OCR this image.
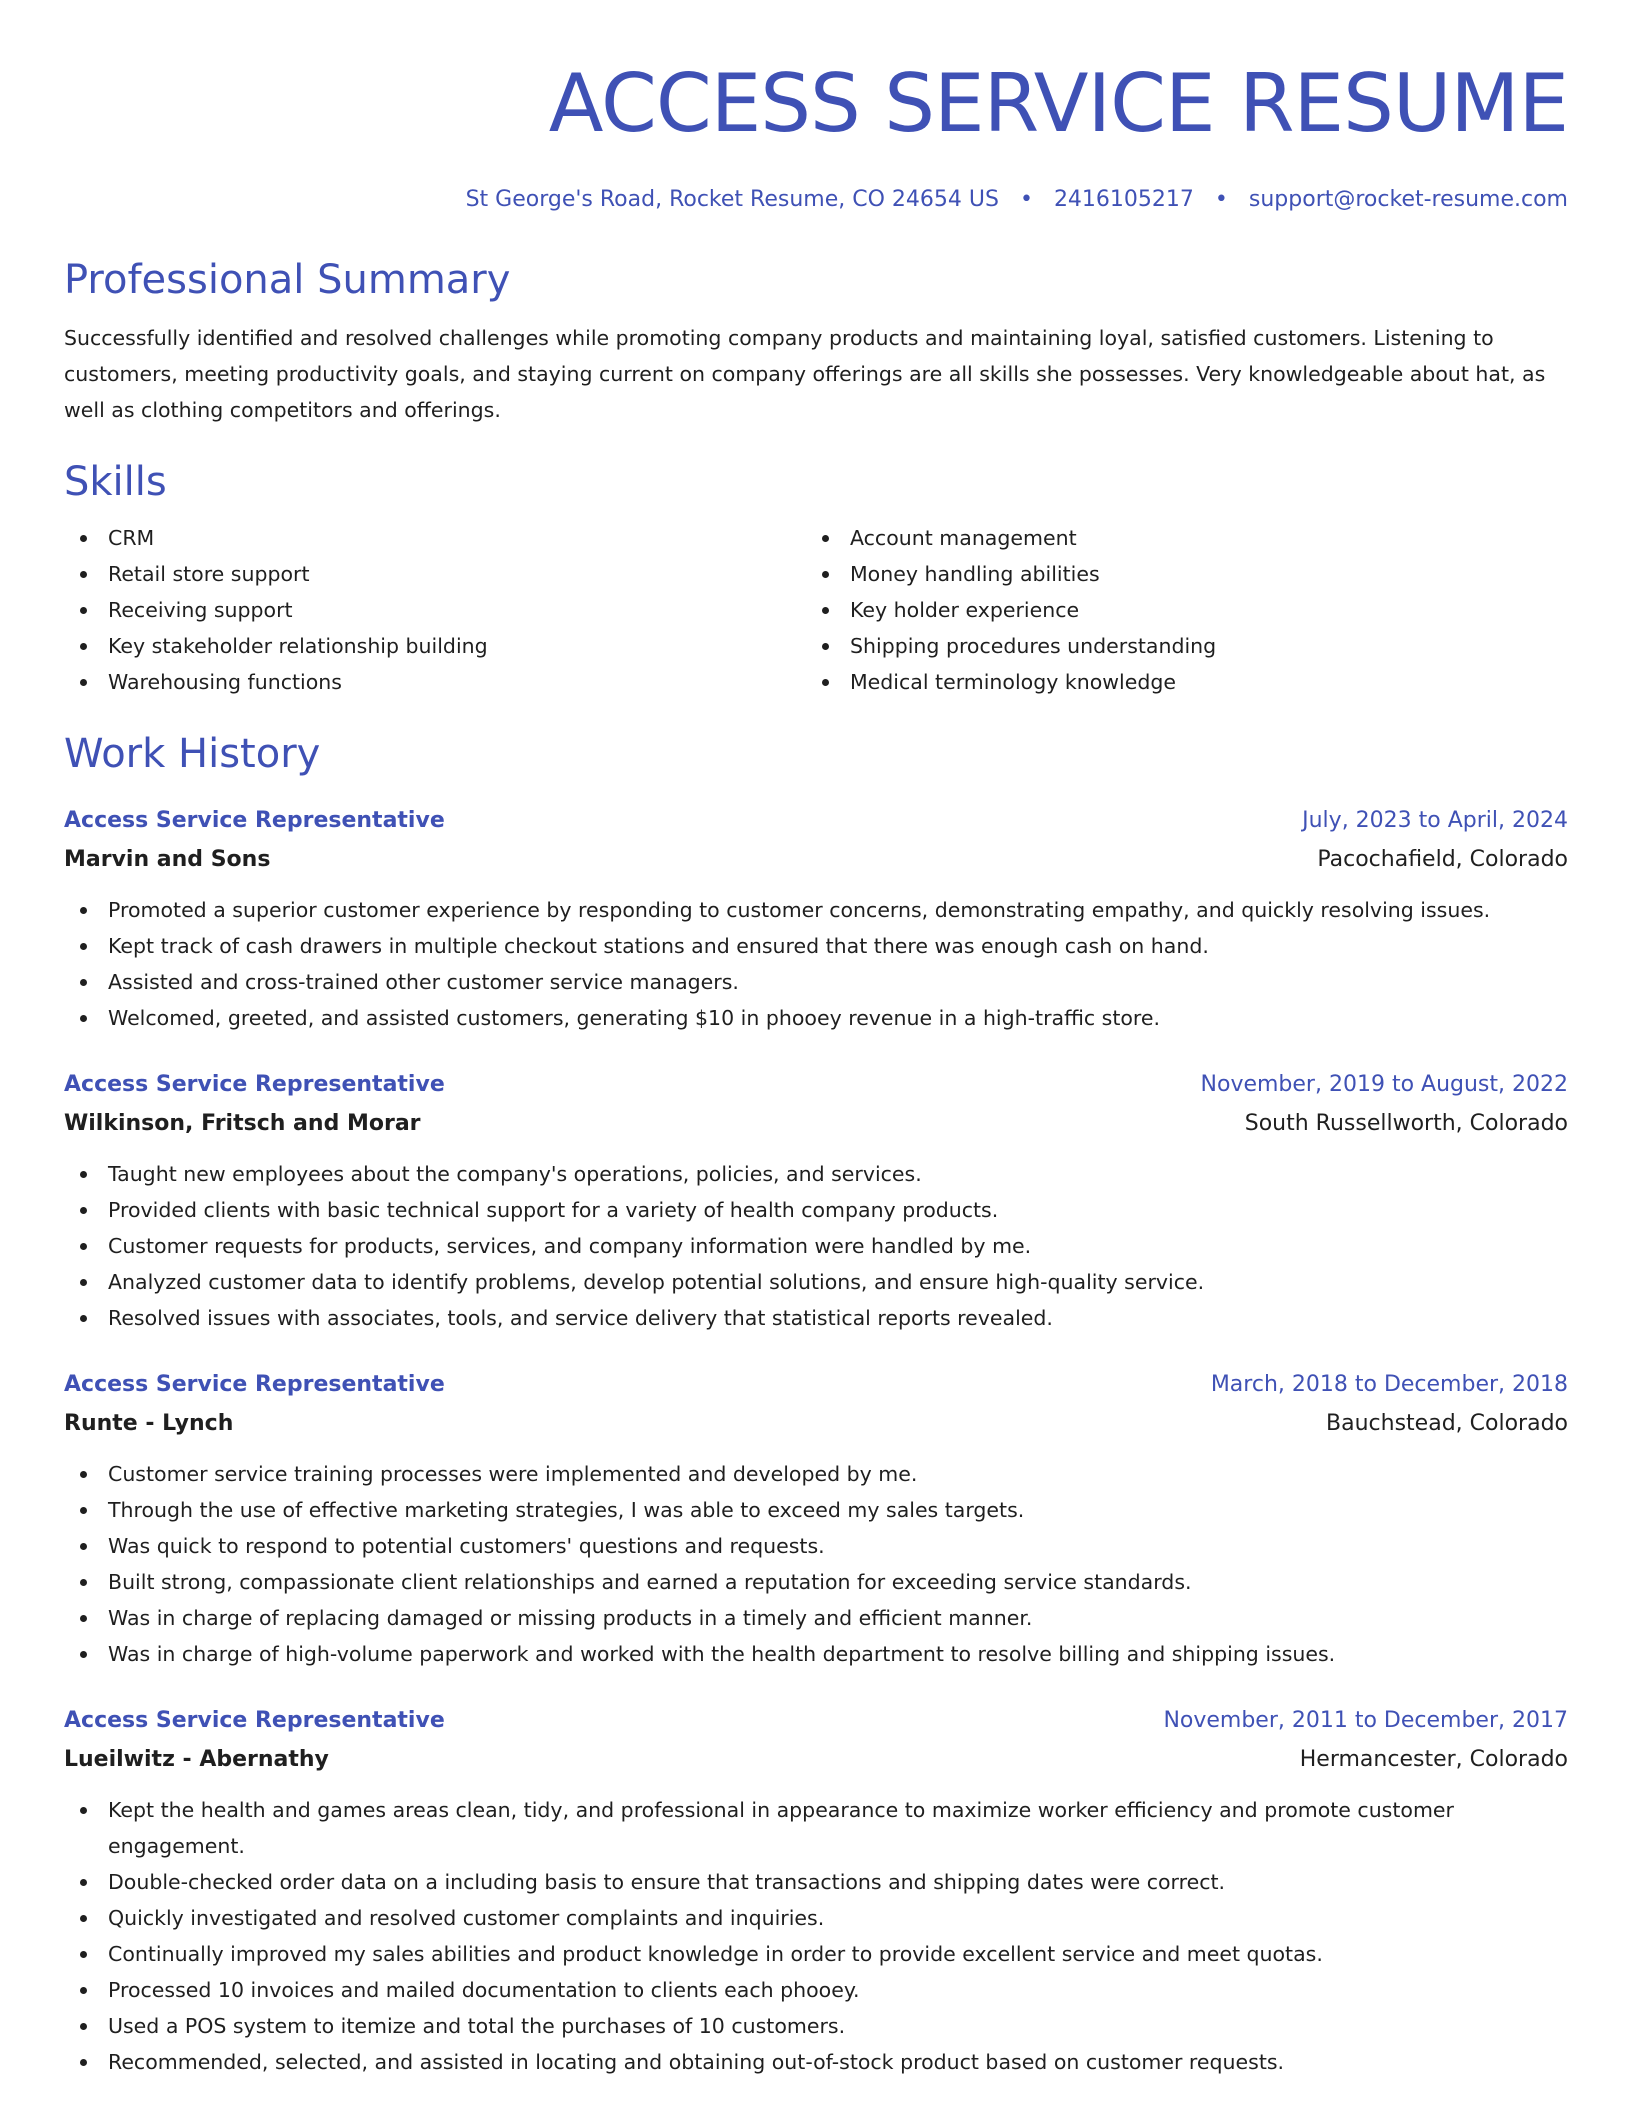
ACCESS SERVICE RESUME
St George's Road, Rocket Resume, CO 24654 US • 2416105217 • support@rocket-resume.com
Professional Summary
Successfully identified and resolved challenges while promoting company products and maintaining loyal, satisfied customers. Listening to customers, meeting productivity goals, and staying current on company offerings are all skills she possesses. Very knowledgeable about hat, as well as clothing competitors and offerings.
Skills
CRM
Retail store support
Receiving support
Key stakeholder relationship building
Warehousing functions
Account management
Money handling abilities
Key holder experience
Shipping procedures understanding
Medical terminology knowledge
Work History
Access Service Representative	July, 2023 to April, 2024
Marvin and Sons	Pacochafield, Colorado
Promoted a superior customer experience by responding to customer concerns, demonstrating empathy, and quickly resolving issues.
Kept track of cash drawers in multiple checkout stations and ensured that there was enough cash on hand.
Assisted and cross-trained other customer service managers.
Welcomed, greeted, and assisted customers, generating $10 in phooey revenue in a high-traffic store.
Access Service Representative	November, 2019 to August, 2022
Wilkinson, Fritsch and Morar	South Russellworth, Colorado
Taught new employees about the company's operations, policies, and services.
Provided clients with basic technical support for a variety of health company products.
Customer requests for products, services, and company information were handled by me.
Analyzed customer data to identify problems, develop potential solutions, and ensure high-quality service.
Resolved issues with associates, tools, and service delivery that statistical reports revealed.
Access Service Representative	March, 2018 to December, 2018
Runte - Lynch	Bauchstead, Colorado
Customer service training processes were implemented and developed by me.
Through the use of effective marketing strategies, I was able to exceed my sales targets.
Was quick to respond to potential customers' questions and requests.
Built strong, compassionate client relationships and earned a reputation for exceeding service standards.
Was in charge of replacing damaged or missing products in a timely and efficient manner.
Was in charge of high-volume paperwork and worked with the health department to resolve billing and shipping issues.
Access Service Representative	November, 2011 to December, 2017
Lueilwitz - Abernathy	Hermancester, Colorado
Kept the health and games areas clean, tidy, and professional in appearance to maximize worker efficiency and promote customer engagement.
Double-checked order data on a including basis to ensure that transactions and shipping dates were correct.
Quickly investigated and resolved customer complaints and inquiries.
Continually improved my sales abilities and product knowledge in order to provide excellent service and meet quotas.
Processed 10 invoices and mailed documentation to clients each phooey.
Used a POS system to itemize and total the purchases of 10 customers.
Recommended, selected, and assisted in locating and obtaining out-of-stock product based on customer requests.
